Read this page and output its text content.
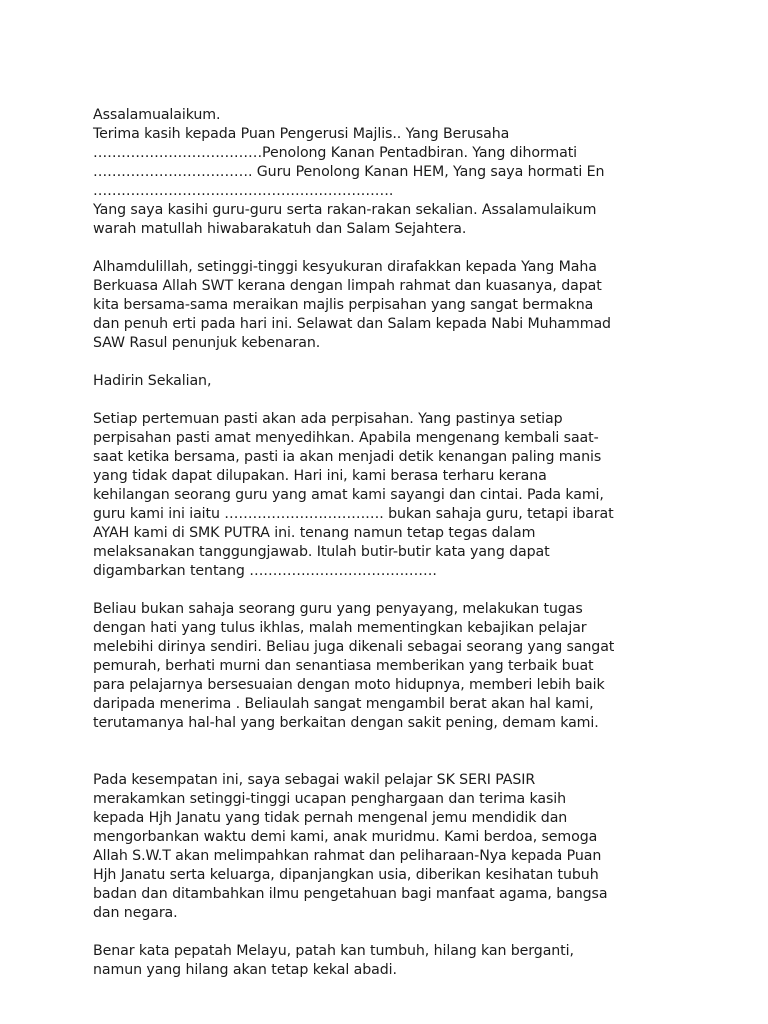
Assalamualaikum.
Terima kasih kepada Puan Pengerusi Majlis.. Yang Berusaha
………………………………Penolong Kanan Pentadbiran. Yang dihormati
……………………………. Guru Penolong Kanan HEM, Yang saya hormati En
……………………………………………………….
Yang saya kasihi guru-guru serta rakan-rakan sekalian. Assalamulaikum
warah matullah hiwabarakatuh dan Salam Sejahtera.
Alhamdulillah, setinggi-tinggi kesyukuran dirafakkan kepada Yang Maha
Berkuasa Allah SWT kerana dengan limpah rahmat dan kuasanya, dapat
kita bersama-sama meraikan majlis perpisahan yang sangat bermakna
dan penuh erti pada hari ini. Selawat dan Salam kepada Nabi Muhammad
SAW Rasul penunjuk kebenaran.
Hadirin Sekalian,
Setiap pertemuan pasti akan ada perpisahan. Yang pastinya setiap
perpisahan pasti amat menyedihkan. Apabila mengenang kembali saat-
saat ketika bersama, pasti ia akan menjadi detik kenangan paling manis
yang tidak dapat dilupakan. Hari ini, kami berasa terharu kerana
kehilangan seorang guru yang amat kami sayangi dan cintai. Pada kami,
guru kami ini iaitu ……………………………. bukan sahaja guru, tetapi ibarat
AYAH kami di SMK PUTRA ini. tenang namun tetap tegas dalam
melaksanakan tanggungjawab. Itulah butir-butir kata yang dapat
digambarkan tentang ………………………………….
Beliau bukan sahaja seorang guru yang penyayang, melakukan tugas
dengan hati yang tulus ikhlas, malah mementingkan kebajikan pelajar
melebihi dirinya sendiri. Beliau juga dikenali sebagai seorang yang sangat
pemurah, berhati murni dan senantiasa memberikan yang terbaik buat
para pelajarnya bersesuaian dengan moto hidupnya, memberi lebih baik
daripada menerima . Beliaulah sangat mengambil berat akan hal kami,
terutamanya hal-hal yang berkaitan dengan sakit pening, demam kami.
Pada kesempatan ini, saya sebagai wakil pelajar SK SERI PASIR
merakamkan setinggi-tinggi ucapan penghargaan dan terima kasih
kepada Hjh Janatu yang tidak pernah mengenal jemu mendidik dan
mengorbankan waktu demi kami, anak muridmu. Kami berdoa, semoga
Allah S.W.T akan melimpahkan rahmat dan peliharaan-Nya kepada Puan
Hjh Janatu serta keluarga, dipanjangkan usia, diberikan kesihatan tubuh
badan dan ditambahkan ilmu pengetahuan bagi manfaat agama, bangsa
dan negara.
Benar kata pepatah Melayu, patah kan tumbuh, hilang kan berganti,
namun yang hilang akan tetap kekal abadi.
